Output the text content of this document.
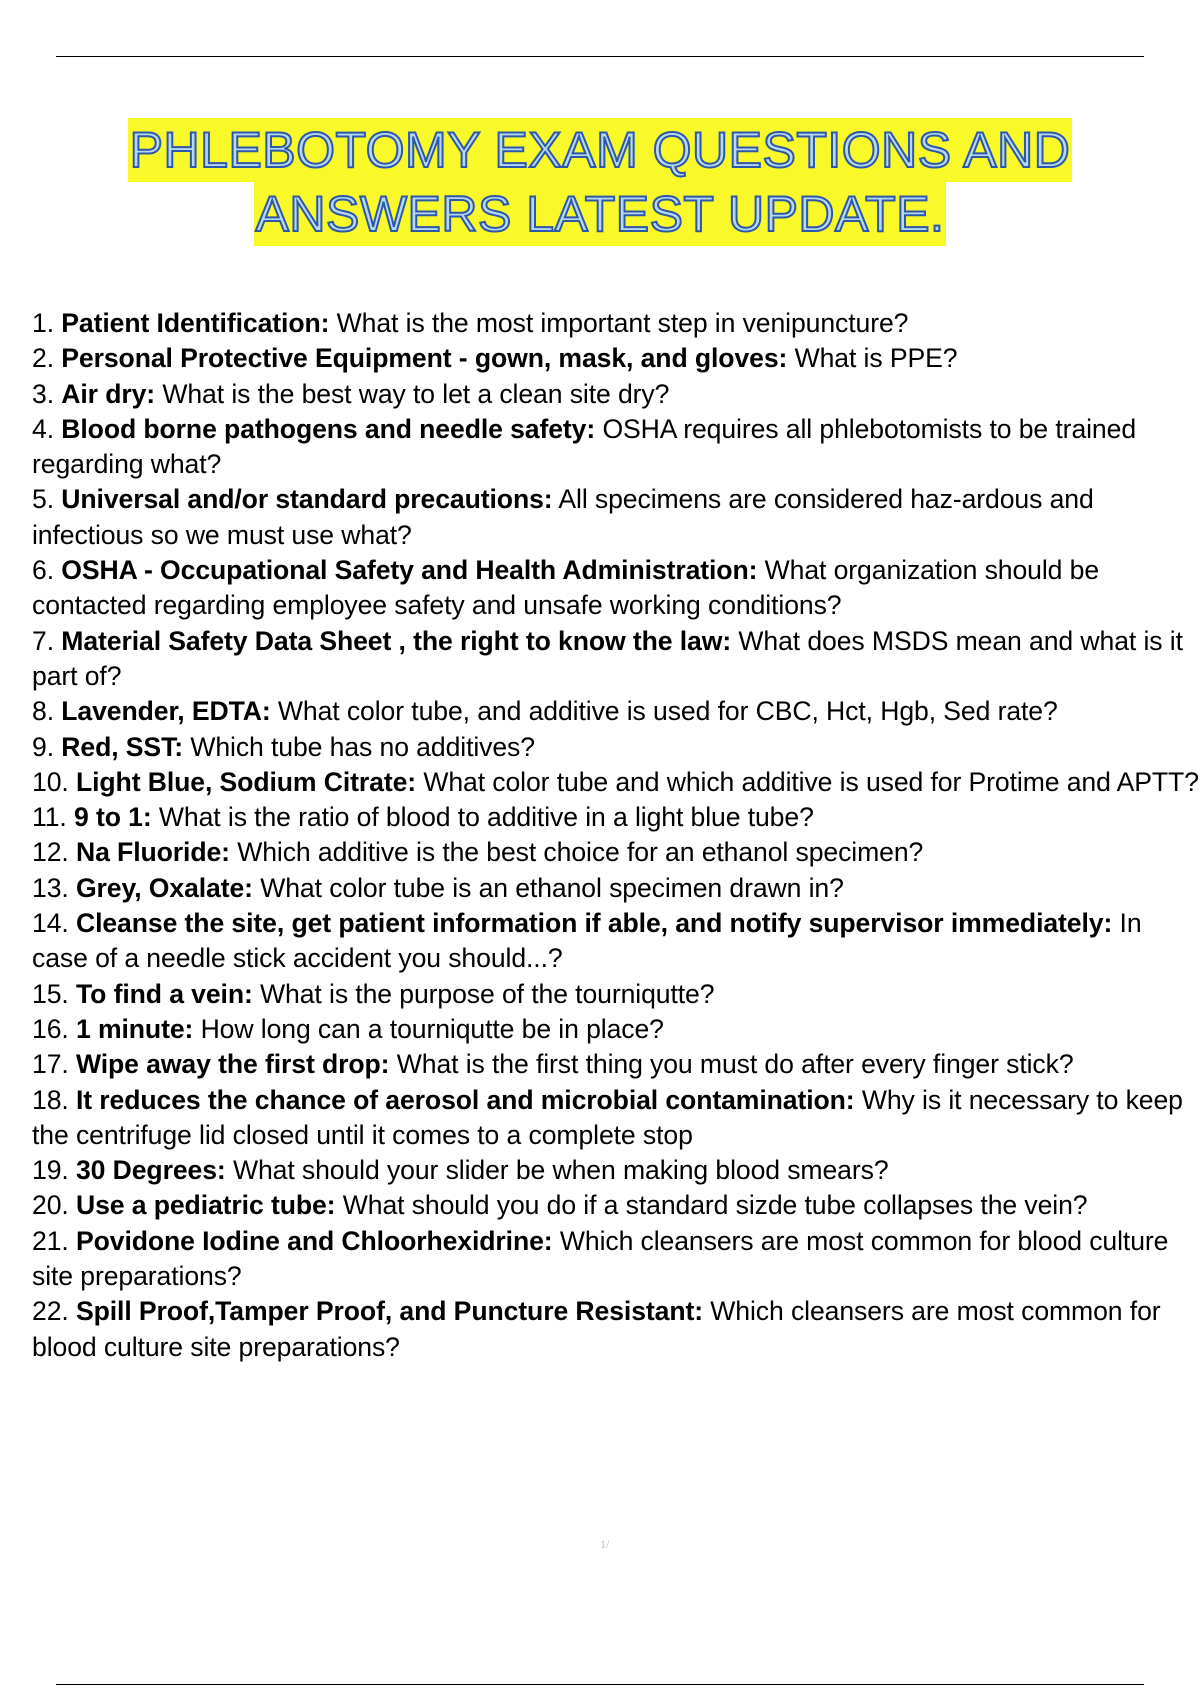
PHLEBOTOMY EXAM QUESTIONS AND
ANSWERS LATEST UPDATE.
1. Patient Identification: What is the most important step in venipuncture?
2. Personal Protective Equipment - gown, mask, and gloves: What is PPE?
3. Air dry: What is the best way to let a clean site dry?
4. Blood borne pathogens and needle safety: OSHA requires all phlebotomists to be trained regarding what?
5. Universal and/or standard precautions: All specimens are considered haz-ardous and infectious so we must use what?
6. OSHA - Occupational Safety and Health Administration: What organization should be contacted regarding employee safety and unsafe working conditions?
7. Material Safety Data Sheet , the right to know the law: What does MSDS mean and what is it part of?
8. Lavender, EDTA: What color tube, and additive is used for CBC, Hct, Hgb, Sed rate?
9. Red, SST: Which tube has no additives?
10. Light Blue, Sodium Citrate: What color tube and which additive is used for Protime and APTT?
11. 9 to 1: What is the ratio of blood to additive in a light blue tube?
12. Na Fluoride: Which additive is the best choice for an ethanol specimen?
13. Grey, Oxalate: What color tube is an ethanol specimen drawn in?
14. Cleanse the site, get patient information if able, and notify supervisor immediately: In case of a needle stick accident you should...?
15. To find a vein: What is the purpose of the tourniqutte?
16. 1 minute: How long can a tourniqutte be in place?
17. Wipe away the first drop: What is the first thing you must do after every finger stick?
18. It reduces the chance of aerosol and microbial contamination: Why is it necessary to keep the centrifuge lid closed until it comes to a complete stop
19. 30 Degrees: What should your slider be when making blood smears?
20. Use a pediatric tube: What should you do if a standard sizde tube collapses the vein?
21. Povidone Iodine and Chloorhexidrine: Which cleansers are most common for blood culture site preparations?
22. Spill Proof,Tamper Proof, and Puncture Resistant: Which cleansers are most common for blood culture site preparations?
1/
